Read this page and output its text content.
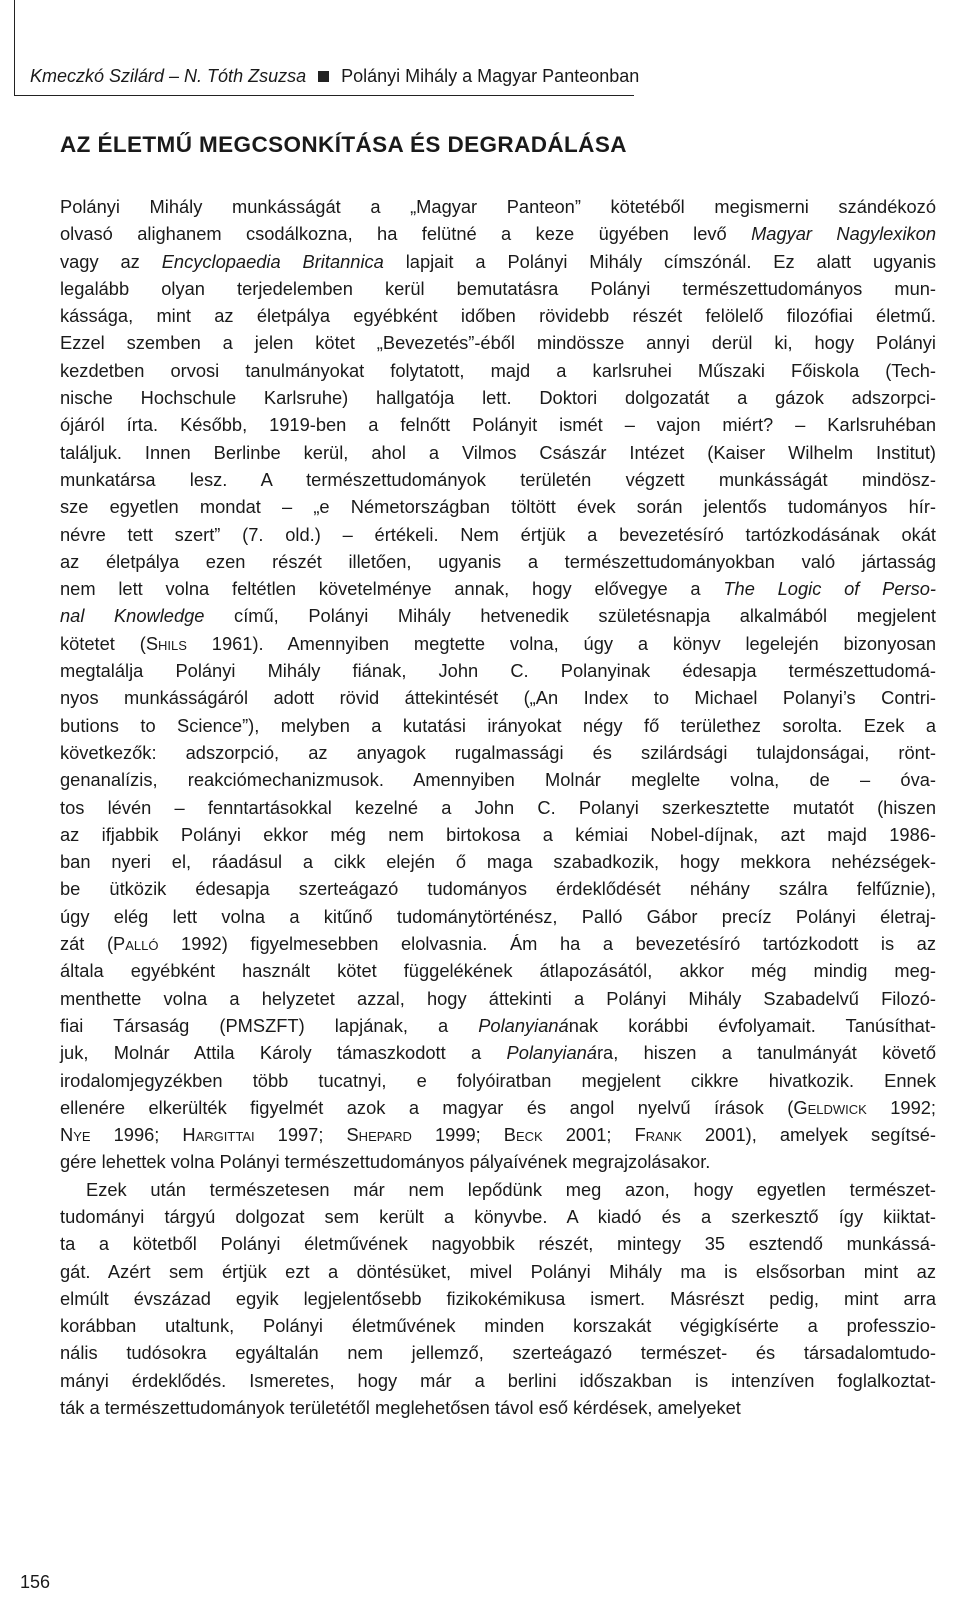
Kmeczkó Szilárd – N. Tóth Zsuzsa Polányi Mihály a Magyar Panteonban
AZ ÉLETMŰ MEGCSONKÍTÁSA ÉS DEGRADÁLÁSA
Polányi Mihály munkásságát a „Magyar Panteon” kötetéből megismerni szándékozó
olvasó alighanem csodálkozna, ha felütné a keze ügyében levő Magyar Nagylexikon
vagy az Encyclopaedia Britannica lapjait a Polányi Mihály címszónál. Ez alatt ugyanis
legalább olyan terjedelemben kerül bemutatásra Polányi természettudományos mun-
kássága, mint az életpálya egyébként időben rövidebb részét felölelő filozófiai életmű.
Ezzel szemben a jelen kötet „Bevezetés”-éből mindössze annyi derül ki, hogy Polányi
kezdetben orvosi tanulmányokat folytatott, majd a karlsruhei Műszaki Főiskola (Tech-
nische Hochschule Karlsruhe) hallgatója lett. Doktori dolgozatát a gázok adszorpci-
ójáról írta. Később, 1919-ben a felnőtt Polányit ismét – vajon miért? – Karlsruhéban
találjuk. Innen Berlinbe kerül, ahol a Vilmos Császár Intézet (Kaiser Wilhelm Institut)
munkatársa lesz. A természettudományok területén végzett munkásságát mindösz-
sze egyetlen mondat – „e Németországban töltött évek során jelentős tudományos hír-
névre tett szert” (7. old.) – értékeli. Nem értjük a bevezetésíró tartózkodásának okát
az életpálya ezen részét illetően, ugyanis a természettudományokban való jártasság
nem lett volna feltétlen követelménye annak, hogy elővegye a The Logic of Perso-
nal Knowledge című, Polányi Mihály hetvenedik születésnapja alkalmából megjelent
kötetet (Shils 1961). Amennyiben megtette volna, úgy a könyv legelején bizonyosan
megtalálja Polányi Mihály fiának, John C. Polanyinak édesapja természettudomá-
nyos munkásságáról adott rövid áttekintését („An Index to Michael Polanyi’s Contri-
butions to Science”), melyben a kutatási irányokat négy fő területhez sorolta. Ezek a
következők: adszorpció, az anyagok rugalmassági és szilárdsági tulajdonságai, rönt-
genanalízis, reakciómechanizmusok. Amennyiben Molnár meglelte volna, de – óva-
tos lévén – fenntartásokkal kezelné a John C. Polanyi szerkesztette mutatót (hiszen
az ifjabbik Polányi ekkor még nem birtokosa a kémiai Nobel-díjnak, azt majd 1986-
ban nyeri el, ráadásul a cikk elején ő maga szabadkozik, hogy mekkora nehézségek-
be ütközik édesapja szerteágazó tudományos érdeklődését néhány szálra felfűznie),
úgy elég lett volna a kitűnő tudománytörténész, Palló Gábor precíz Polányi életraj-
zát (Palló 1992) figyelmesebben elolvasnia. Ám ha a bevezetésíró tartózkodott is az
általa egyébként használt kötet függelékének átlapozásától, akkor még mindig meg-
menthette volna a helyzetet azzal, hogy áttekinti a Polányi Mihály Szabadelvű Filozó-
fiai Társaság (PMSZFT) lapjának, a Polanyianának korábbi évfolyamait. Tanúsíthat-
juk, Molnár Attila Károly támaszkodott a Polanyianára, hiszen a tanulmányát követő
irodalomjegyzékben több tucatnyi, e folyóiratban megjelent cikkre hivatkozik. Ennek
ellenére elkerülték figyelmét azok a magyar és angol nyelvű írások (Geldwick 1992;
Nye 1996; Hargittai 1997; Shepard 1999; Beck 2001; Frank 2001), amelyek segítsé-
gére lehettek volna Polányi természettudományos pályaívének megrajzolásakor.
Ezek után természetesen már nem lepődünk meg azon, hogy egyetlen természet-
tudományi tárgyú dolgozat sem került a könyvbe. A kiadó és a szerkesztő így kiiktat-
ta a kötetből Polányi életművének nagyobbik részét, mintegy 35 esztendő munkássá-
gát. Azért sem értjük ezt a döntésüket, mivel Polányi Mihály ma is elsősorban mint az
elmúlt évszázad egyik legjelentősebb fizikokémikusa ismert. Másrészt pedig, mint arra
korábban utaltunk, Polányi életművének minden korszakát végigkísérte a professzio-
nális tudósokra egyáltalán nem jellemző, szerteágazó természet- és társadalomtudo-
mányi érdeklődés. Ismeretes, hogy már a berlini időszakban is intenzíven foglalkoztat-
ták a természettudományok területétől meglehetősen távol eső kérdések, amelyeket
156
